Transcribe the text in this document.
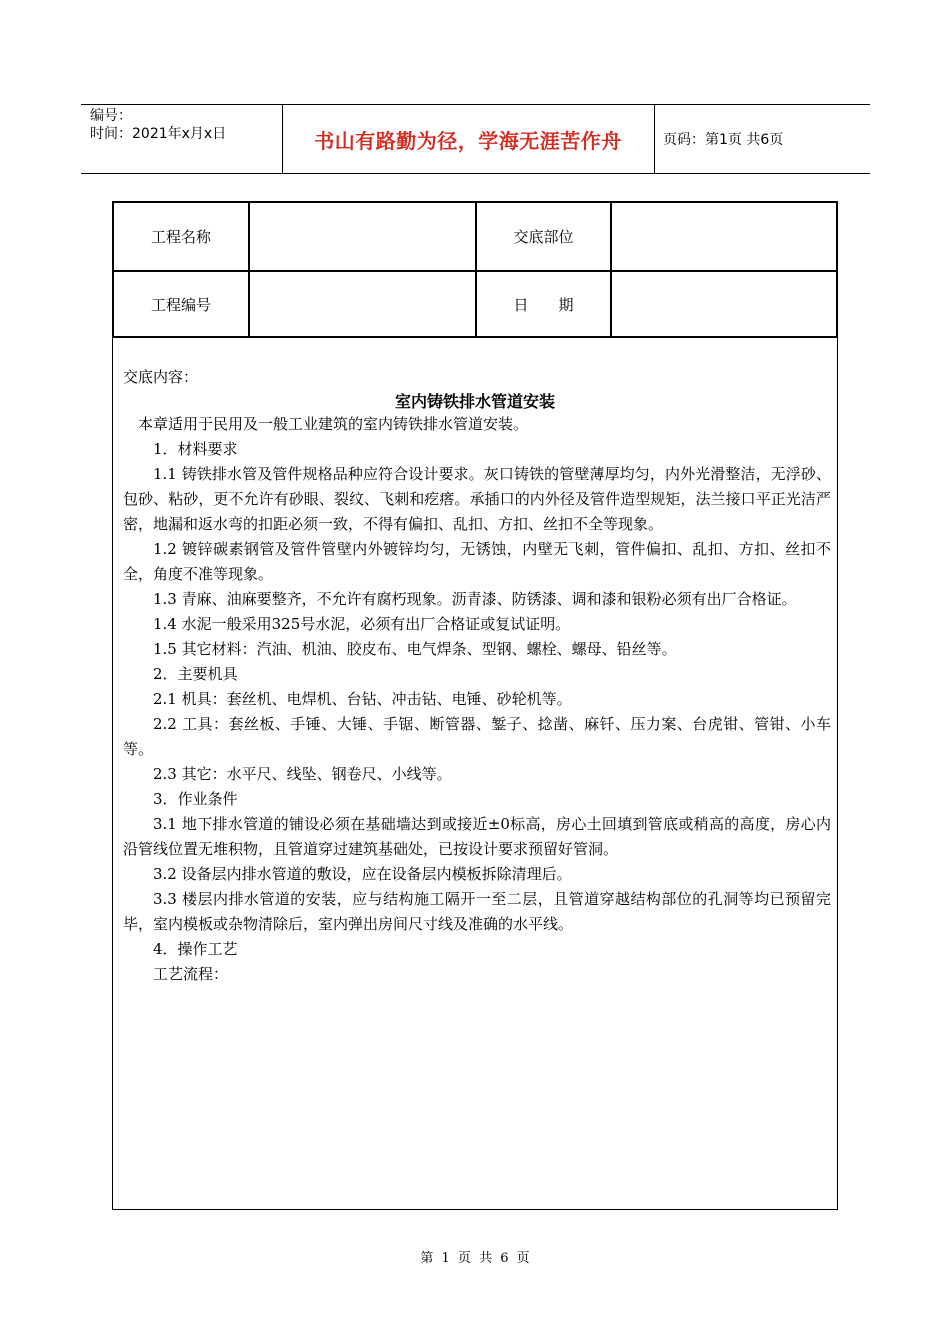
编号：
时间：2021年x月x日	书山有路勤为径，学海无涯苦作舟	页码：第1页 共6页
工程名称	交底部位
工程编号	日　　期
交底内容：
室内铸铁排水管道安装

本章适用于民用及一般工业建筑的室内铸铁排水管道安装。

1．材料要求

1.1 铸铁排水管及管件规格品种应符合设计要求。灰口铸铁的管壁薄厚均匀，内外光滑整洁，无浮砂、包砂、粘砂，更不允许有砂眼、裂纹、飞刺和疙瘩。承插口的内外径及管件造型规矩，法兰接口平正光洁严密，地漏和返水弯的扣距必须一致，不得有偏扣、乱扣、方扣、丝扣不全等现象。

1.2 镀锌碳素钢管及管件管壁内外镀锌均匀，无锈蚀，内壁无飞刺，管件偏扣、乱扣、方扣、丝扣不全，角度不准等现象。

1.3 青麻、油麻要整齐，不允许有腐朽现象。沥青漆、防锈漆、调和漆和银粉必须有出厂合格证。

1.4 水泥一般采用325号水泥，必须有出厂合格证或复试证明。

1.5 其它材料：汽油、机油、胶皮布、电气焊条、型钢、螺栓、螺母、铅丝等。

2．主要机具

2.1 机具：套丝机、电焊机、台钻、冲击钻、电锤、砂轮机等。

2.2 工具：套丝板、手锤、大锤、手锯、断管器、錾子、捻凿、麻钎、压力案、台虎钳、管钳、小车等。

2.3 其它：水平尺、线坠、钢卷尺、小线等。

3．作业条件

3.1 地下排水管道的铺设必须在基础墙达到或接近±0标高，房心土回填到管底或稍高的高度，房心内沿管线位置无堆积物，且管道穿过建筑基础处，已按设计要求预留好管洞。

3.2 设备层内排水管道的敷设，应在设备层内模板拆除清理后。

3.3 楼层内排水管道的安装，应与结构施工隔开一至二层，且管道穿越结构部位的孔洞等均已预留完毕，室内模板或杂物清除后，室内弹出房间尺寸线及准确的水平线。

4．操作工艺

工艺流程：

第 1 页 共 6 页
